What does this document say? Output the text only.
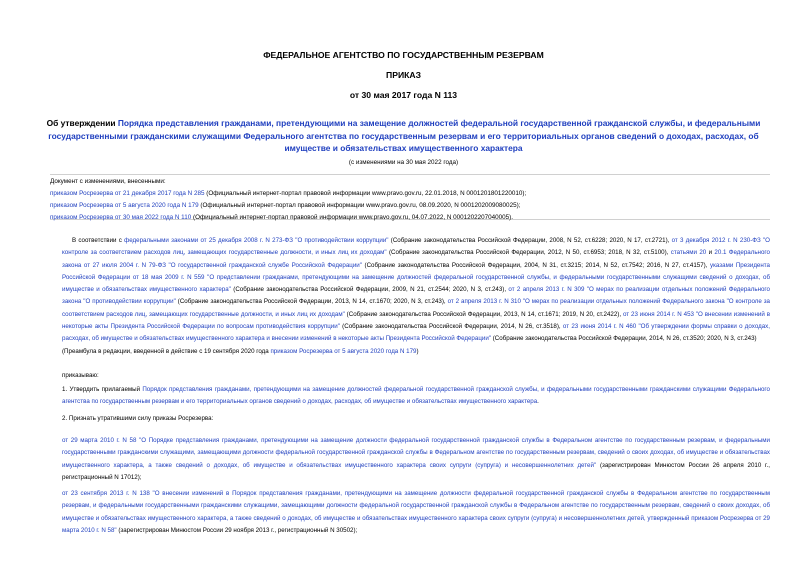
ФЕДЕРАЛЬНОЕ АГЕНТСТВО ПО ГОСУДАРСТВЕННЫМ РЕЗЕРВАМ
ПРИКАЗ
от 30 мая 2017 года N 113
Об утверждении Порядка представления гражданами, претендующими на замещение должностей федеральной государственной гражданской службы, и федеральными государственными гражданскими служащими Федерального агентства по государственным резервам и его территориальных органов сведений о доходах, расходах, об имуществе и обязательствах имущественного характера
(с изменениями на 30 мая 2022 года)
Документ с изменениями, внесенными:
приказом Росрезерва от 21 декабря 2017 года N 285 (Официальный интернет-портал правовой информации www.pravo.gov.ru, 22.01.2018, N 0001201801220010);
приказом Росрезерва от 5 августа 2020 года N 179 (Официальный интернет-портал правовой информации www.pravo.gov.ru, 08.09.2020, N 0001202009080025);
приказом Росрезерва от 30 мая 2022 года N 110 (Официальный интернет-портал правовой информации www.pravo.gov.ru, 04.07.2022, N 0001202207040005).
В соответствии с федеральными законами от 25 декабря 2008 г. N 273-ФЗ "О противодействии коррупции" (Собрание законодательства Российской Федерации, 2008, N 52, ст.6228; 2020, N 17, ст.2721), от 3 декабря 2012 г. N 230-ФЗ "О контроле за соответствием расходов лиц, замещающих государственные должности, и иных лиц их доходам" (Собрание законодательства Российской Федерации, 2012, N 50, ст.6953; 2018, N 32, ст.5100), статьями 20 и 20.1 Федерального закона от 27 июля 2004 г. N 79-ФЗ "О государственной гражданской службе Российской Федерации" (Собрание законодательства Российской Федерации, 2004, N 31, ст.3215; 2014, N 52, ст.7542; 2016, N 27, ст.4157), указами Президента Российской Федерации от 18 мая 2009 г. N 559 "О представлении гражданами, претендующими на замещение должностей федеральной государственной службы, и федеральными государственными служащими сведений о доходах, об имуществе и обязательствах имущественного характера" (Собрание законодательства Российской Федерации, 2009, N 21, ст.2544; 2020, N 3, ст.243), от 2 апреля 2013 г. N 309 "О мерах по реализации отдельных положений Федерального закона "О противодействии коррупции" (Собрание законодательства Российской Федерации, 2013, N 14, ст.1670; 2020, N 3, ст.243), от 2 апреля 2013 г. N 310 "О мерах по реализации отдельных положений Федерального закона "О контроле за соответствием расходов лиц, замещающих государственные должности, и иных лиц их доходам" (Собрание законодательства Российской Федерации, 2013, N 14, ст.1671; 2019, N 20, ст.2422), от 23 июня 2014 г. N 453 "О внесении изменений в некоторые акты Президента Российской Федерации по вопросам противодействия коррупции" (Собрание законодательства Российской Федерации, 2014, N 26, ст.3518), от 23 июня 2014 г. N 460 "Об утверждении формы справки о доходах, расходах, об имуществе и обязательствах имущественного характера и внесении изменений в некоторые акты Президента Российской Федерации" (Собрание законодательства Российской Федерации, 2014, N 26, ст.3520; 2020, N 3, ст.243)
(Преамбула в редакции, введенной в действие с 19 сентября 2020 года приказом Росрезерва от 5 августа 2020 года N 179)
приказываю:
1. Утвердить прилагаемый Порядок представления гражданами, претендующими на замещение должностей федеральной государственной гражданской службы, и федеральными государственными гражданскими служащими Федерального агентства по государственным резервам и его территориальных органов сведений о доходах, расходах, об имуществе и обязательствах имущественного характера.
2. Признать утратившими силу приказы Росрезерва:
от 29 марта 2010 г. N 58 "О Порядке представления гражданами, претендующими на замещение должности федеральной государственной гражданской службы в Федеральном агентстве по государственным резервам, и федеральными государственными гражданскими служащими, замещающими должности федеральной государственной гражданской службы в Федеральном агентстве по государственным резервам, сведений о своих доходах, об имуществе и обязательствах имущественного характера, а также сведений о доходах, об имуществе и обязательствах имущественного характера своих супруги (супруга) и несовершеннолетних детей" (зарегистрирован Минюстом России 26 апреля 2010 г., регистрационный N 17012);
от 23 сентября 2013 г. N 138 "О внесении изменений в Порядок представления гражданами, претендующими на замещение должности федеральной государственной гражданской службы в Федеральном агентстве по государственным резервам, и федеральными государственными гражданскими служащими, замещающими должности федеральной государственной гражданской службы в Федеральном агентстве по государственным резервам, сведений о своих доходах, об имуществе и обязательствах имущественного характера, а также сведений о доходах, об имуществе и обязательствах имущественного характера своих супруги (супруга) и несовершеннолетних детей, утвержденный приказом Росрезерва от 29 марта 2010 г. N 58" (зарегистрирован Минюстом России 29 ноября 2013 г., регистрационный N 30502);
